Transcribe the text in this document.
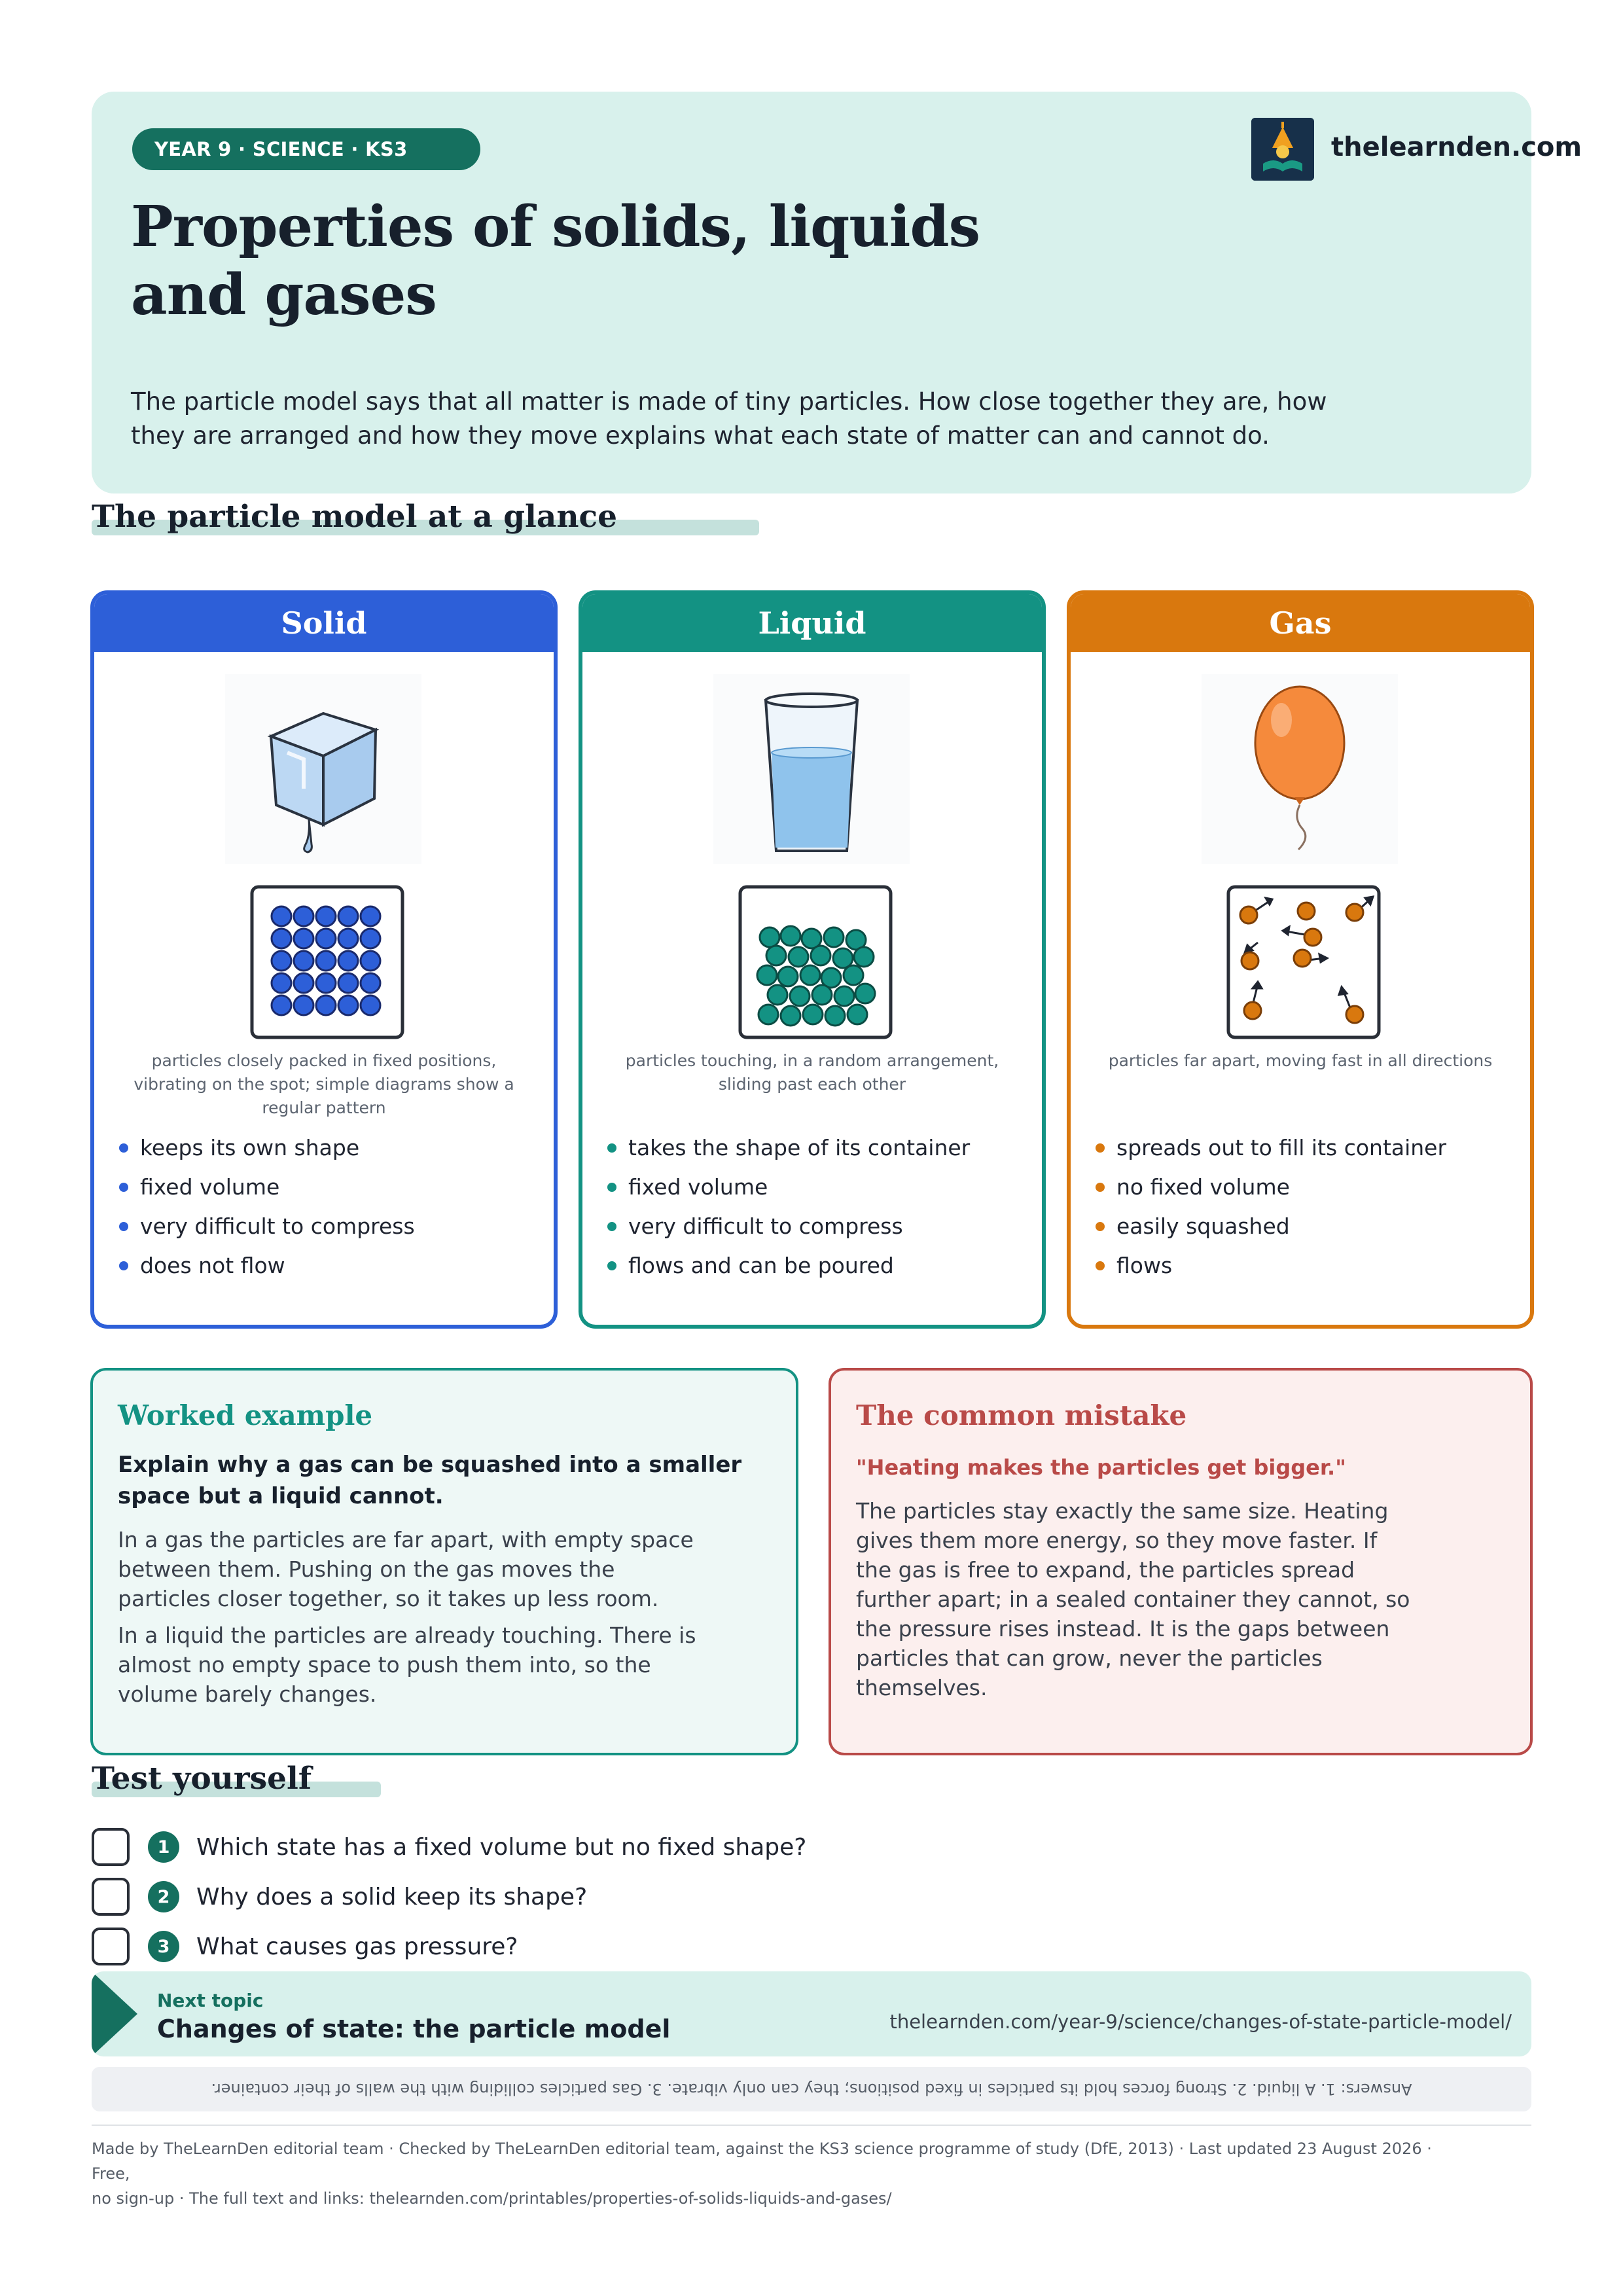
YEAR 9 · SCIENCE · KS3	thelearnden.com
Properties of solids, liquids
and gases
The particle model says that all matter is made of tiny particles. How close together they are, how they are arranged and how they move explains what each state of matter can and cannot do.
The particle model at a glance
Solid
particles closely packed in fixed positions, vibrating on the spot; simple diagrams show a regular pattern
keeps its own shape
fixed volume
very difficult to compress
does not flow
Liquid
particles touching, in a random arrangement, sliding past each other
takes the shape of its container
fixed volume
very difficult to compress
flows and can be poured
Gas
particles far apart, moving fast in all directions
spreads out to fill its container
no fixed volume
easily squashed
flows
Worked example
Explain why a gas can be squashed into a smaller space but a liquid cannot.
In a gas the particles are far apart, with empty space between them. Pushing on the gas moves the particles closer together, so it takes up less room.
In a liquid the particles are already touching. There is almost no empty space to push them into, so the volume barely changes.
The common mistake
"Heating makes the particles get bigger."
The particles stay exactly the same size. Heating gives them more energy, so they move faster. If the gas is free to expand, the particles spread further apart; in a sealed container they cannot, so the pressure rises instead. It is the gaps between particles that can grow, never the particles themselves.
Test yourself
1	Which state has a fixed volume but no fixed shape?
2	Why does a solid keep its shape?
3	What causes gas pressure?
Next topic
Changes of state: the particle model	thelearnden.com/year-9/science/changes-of-state-particle-model/
Answers: 1. A liquid. 2. Strong forces hold its particles in fixed positions; they can only vibrate. 3. Gas particles colliding with the walls of their container.
Made by TheLearnDen editorial team · Checked by TheLearnDen editorial team, against the KS3 science programme of study (DfE, 2013) · Last updated 23 August 2026 · Free,
no sign-up · The full text and links: thelearnden.com/printables/properties-of-solids-liquids-and-gases/
